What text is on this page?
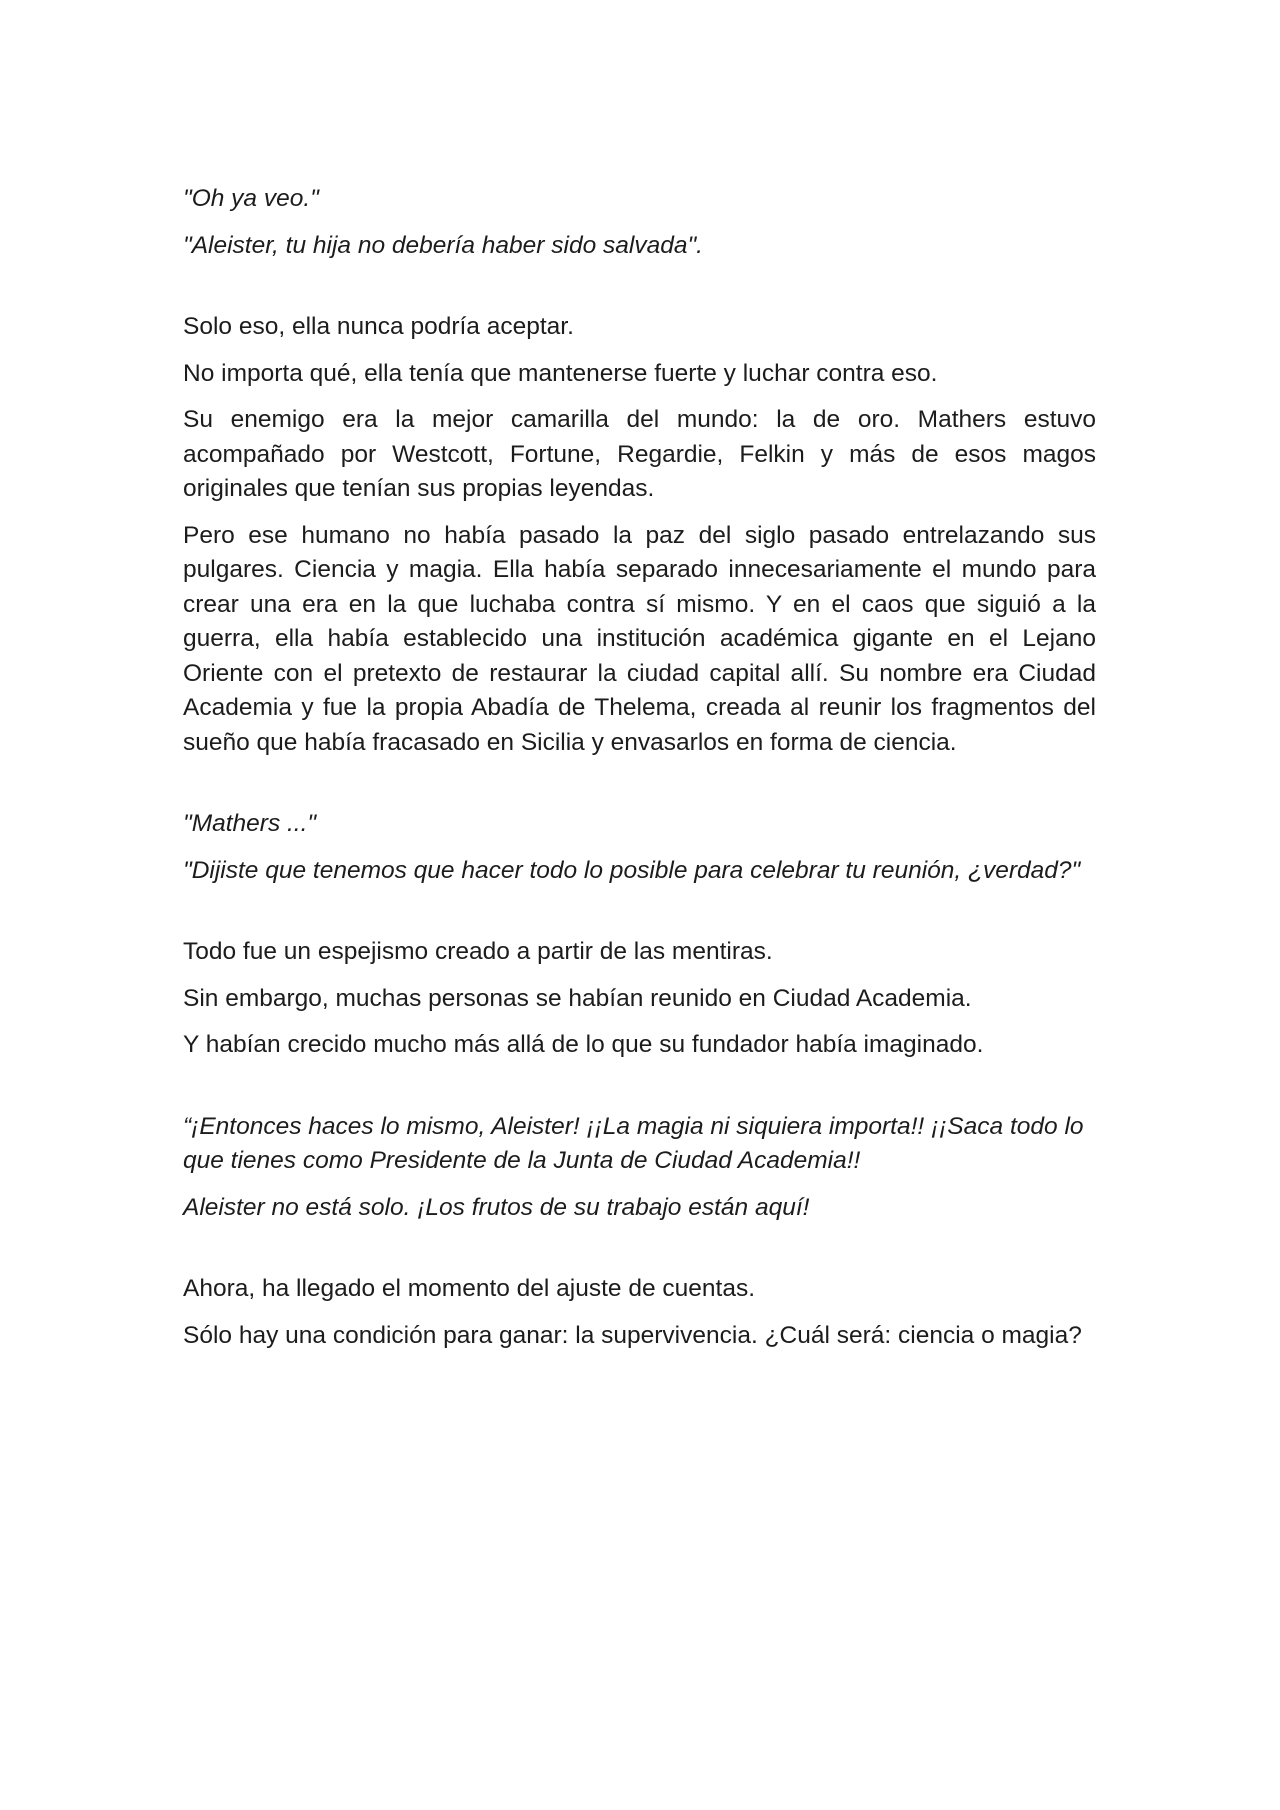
"Oh ya veo."

"Aleister, tu hija no debería haber sido salvada".

Solo eso, ella nunca podría aceptar.

No importa qué, ella tenía que mantenerse fuerte y luchar contra eso.

Su enemigo era la mejor camarilla del mundo: la de oro. Mathers estuvo acompañado por Westcott, Fortune, Regardie, Felkin y más de esos magos originales que tenían sus propias leyendas.

Pero ese humano no había pasado la paz del siglo pasado entrelazando sus pulgares. Ciencia y magia. Ella había separado innecesariamente el mundo para crear una era en la que luchaba contra sí mismo. Y en el caos que siguió a la guerra, ella había establecido una institución académica gigante en el Lejano Oriente con el pretexto de restaurar la ciudad capital allí. Su nombre era Ciudad Academia y fue la propia Abadía de Thelema, creada al reunir los fragmentos del sueño que había fracasado en Sicilia y envasarlos en forma de ciencia.

"Mathers ..."

"Dijiste que tenemos que hacer todo lo posible para celebrar tu reunión, ¿verdad?"

Todo fue un espejismo creado a partir de las mentiras.

Sin embargo, muchas personas se habían reunido en Ciudad Academia.

Y habían crecido mucho más allá de lo que su fundador había imaginado.

“¡Entonces haces lo mismo, Aleister! ¡¡La magia ni siquiera importa!! ¡¡Saca todo lo que tienes como Presidente de la Junta de Ciudad Academia!!

Aleister no está solo. ¡Los frutos de su trabajo están aquí!

Ahora, ha llegado el momento del ajuste de cuentas.

Sólo hay una condición para ganar: la supervivencia. ¿Cuál será: ciencia o magia?
